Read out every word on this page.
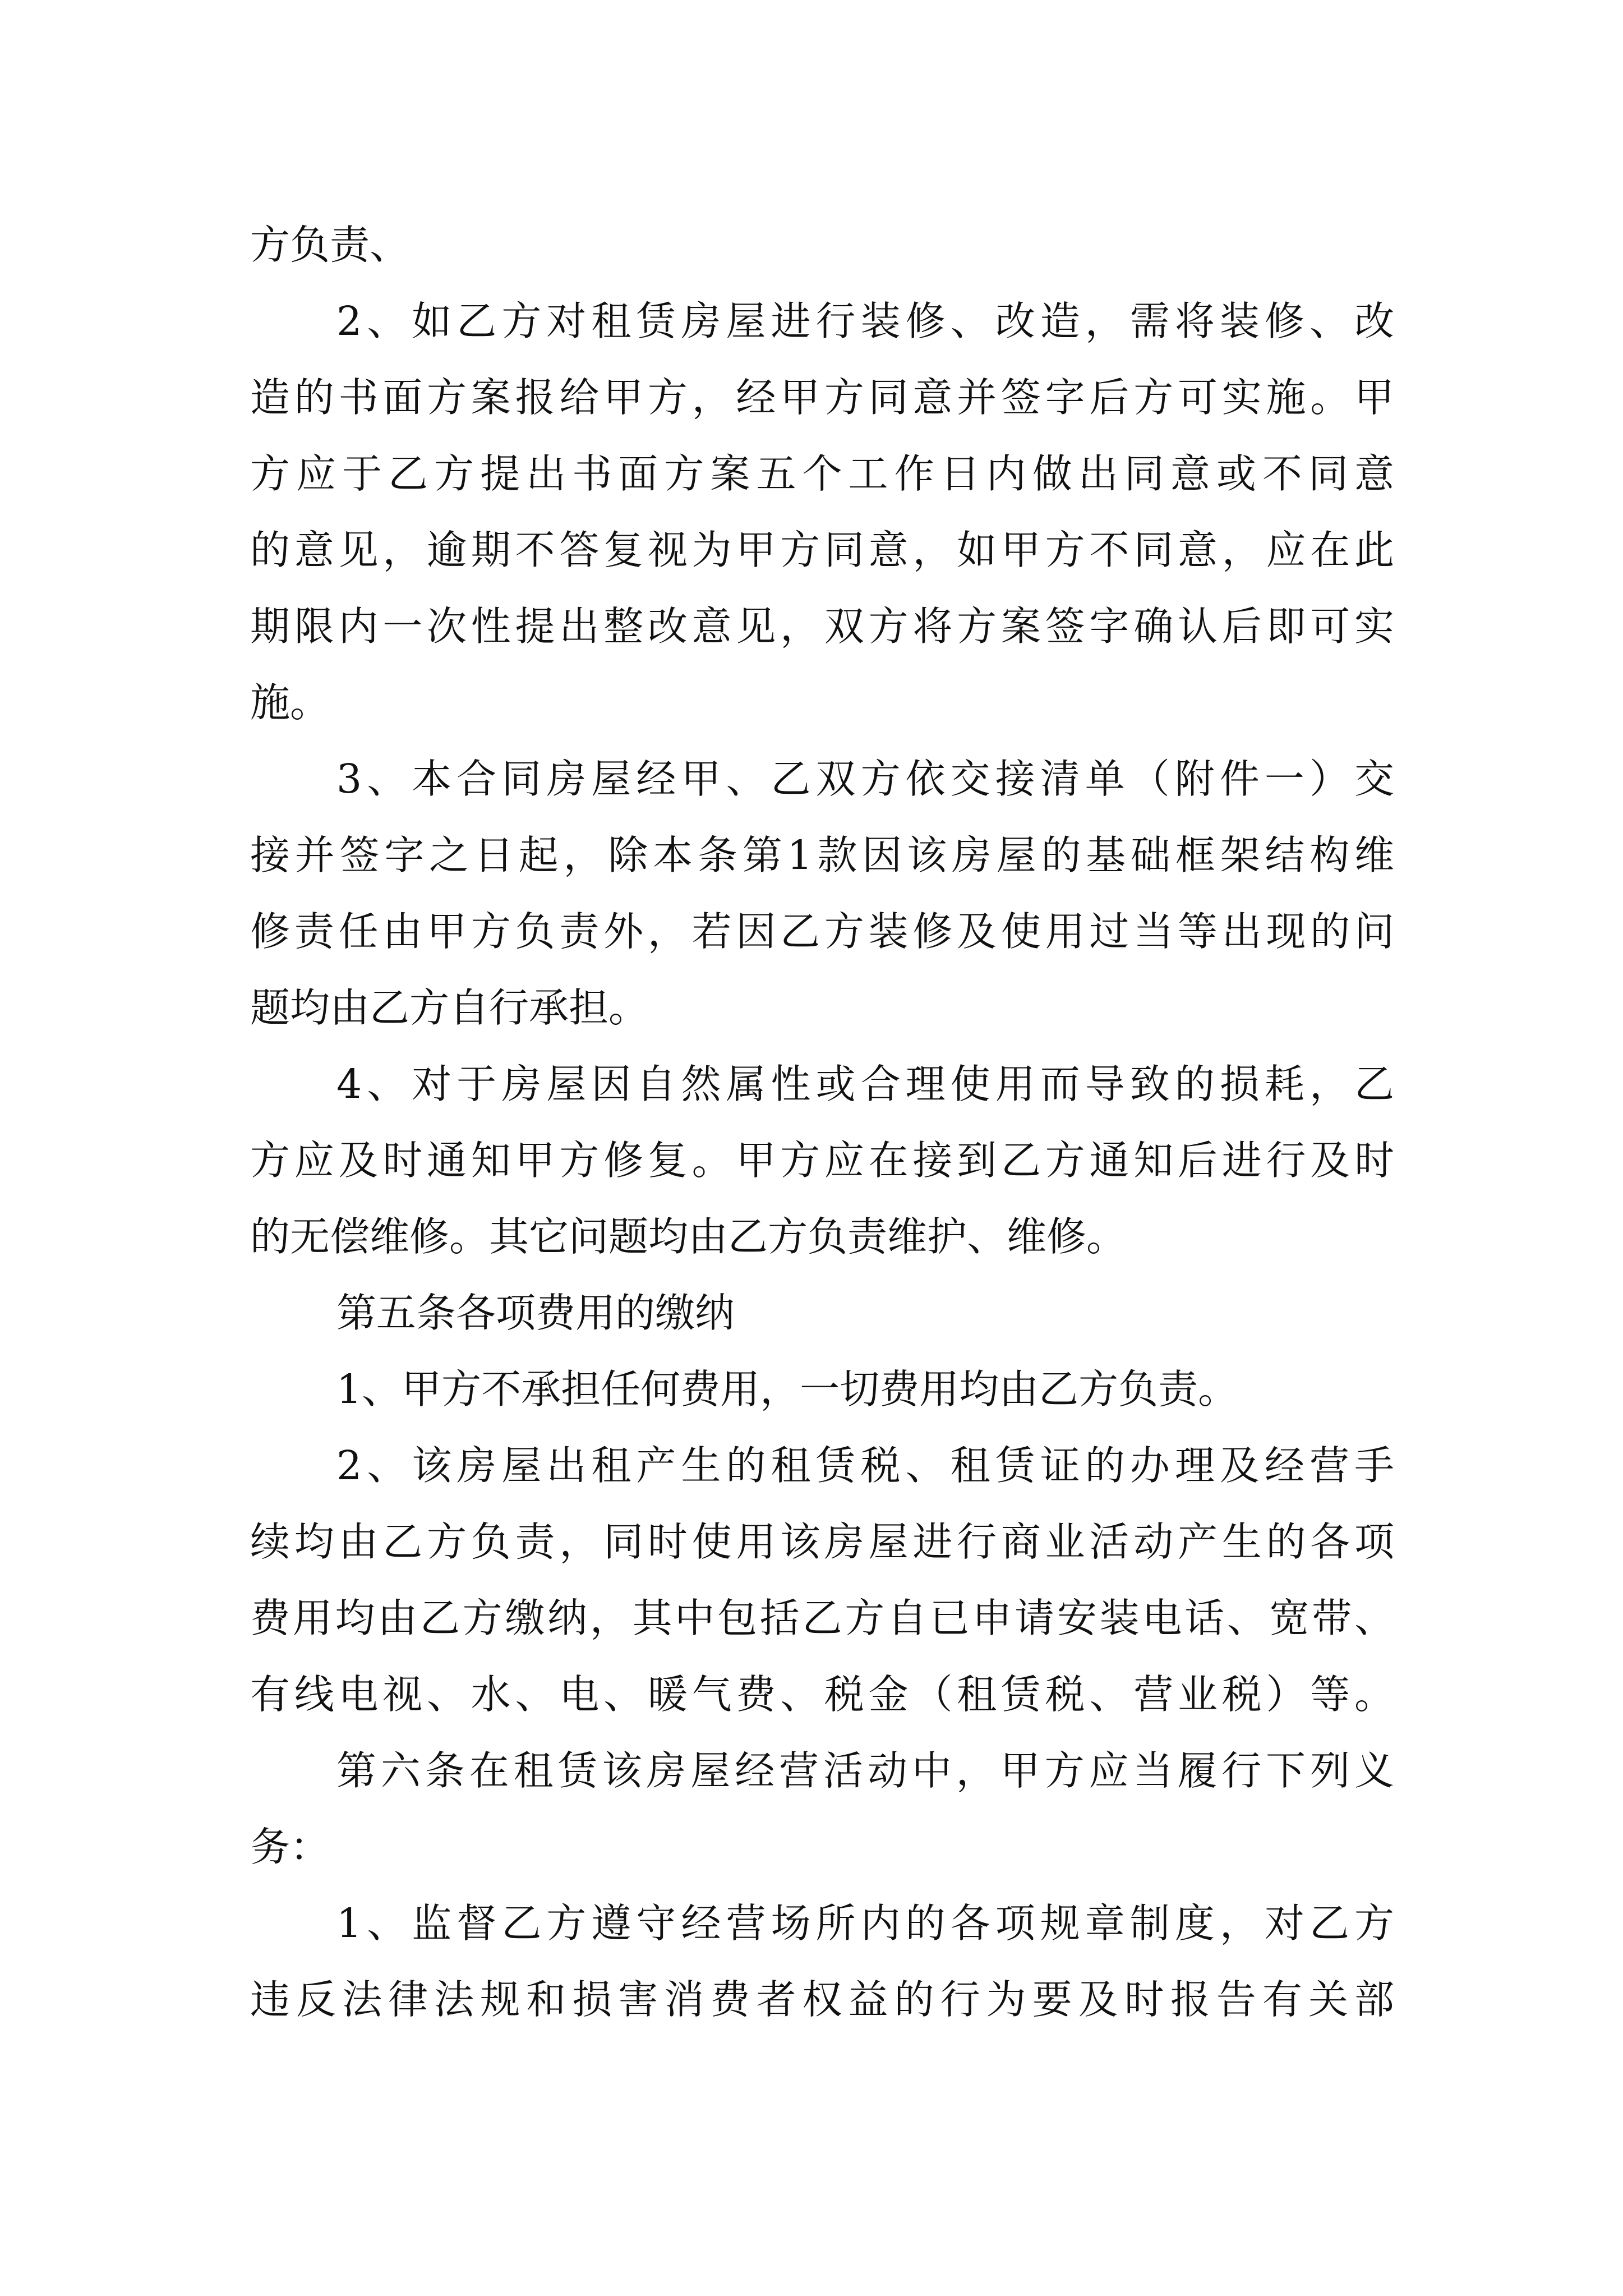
方负责、
2、如乙方对租赁房屋进行装修、改造，需将装修、改
造的书面方案报给甲方，经甲方同意并签字后方可实施。甲
方应于乙方提出书面方案五个工作日内做出同意或不同意
的意见，逾期不答复视为甲方同意，如甲方不同意，应在此
期限内一次性提出整改意见，双方将方案签字确认后即可实
施。
3、本合同房屋经甲、乙双方依交接清单（附件一）交
接并签字之日起，除本条第1款因该房屋的基础框架结构维
修责任由甲方负责外，若因乙方装修及使用过当等出现的问
题均由乙方自行承担。
4、对于房屋因自然属性或合理使用而导致的损耗，乙
方应及时通知甲方修复。甲方应在接到乙方通知后进行及时
的无偿维修。其它问题均由乙方负责维护、维修。
第五条各项费用的缴纳
1、甲方不承担任何费用，一切费用均由乙方负责。
2、该房屋出租产生的租赁税、租赁证的办理及经营手
续均由乙方负责，同时使用该房屋进行商业活动产生的各项
费用均由乙方缴纳，其中包括乙方自已申请安装电话、宽带、
有线电视、水、电、暖气费、税金（租赁税、营业税）等。
第六条在租赁该房屋经营活动中，甲方应当履行下列义
务：
1、监督乙方遵守经营场所内的各项规章制度，对乙方
违反法律法规和损害消费者权益的行为要及时报告有关部
